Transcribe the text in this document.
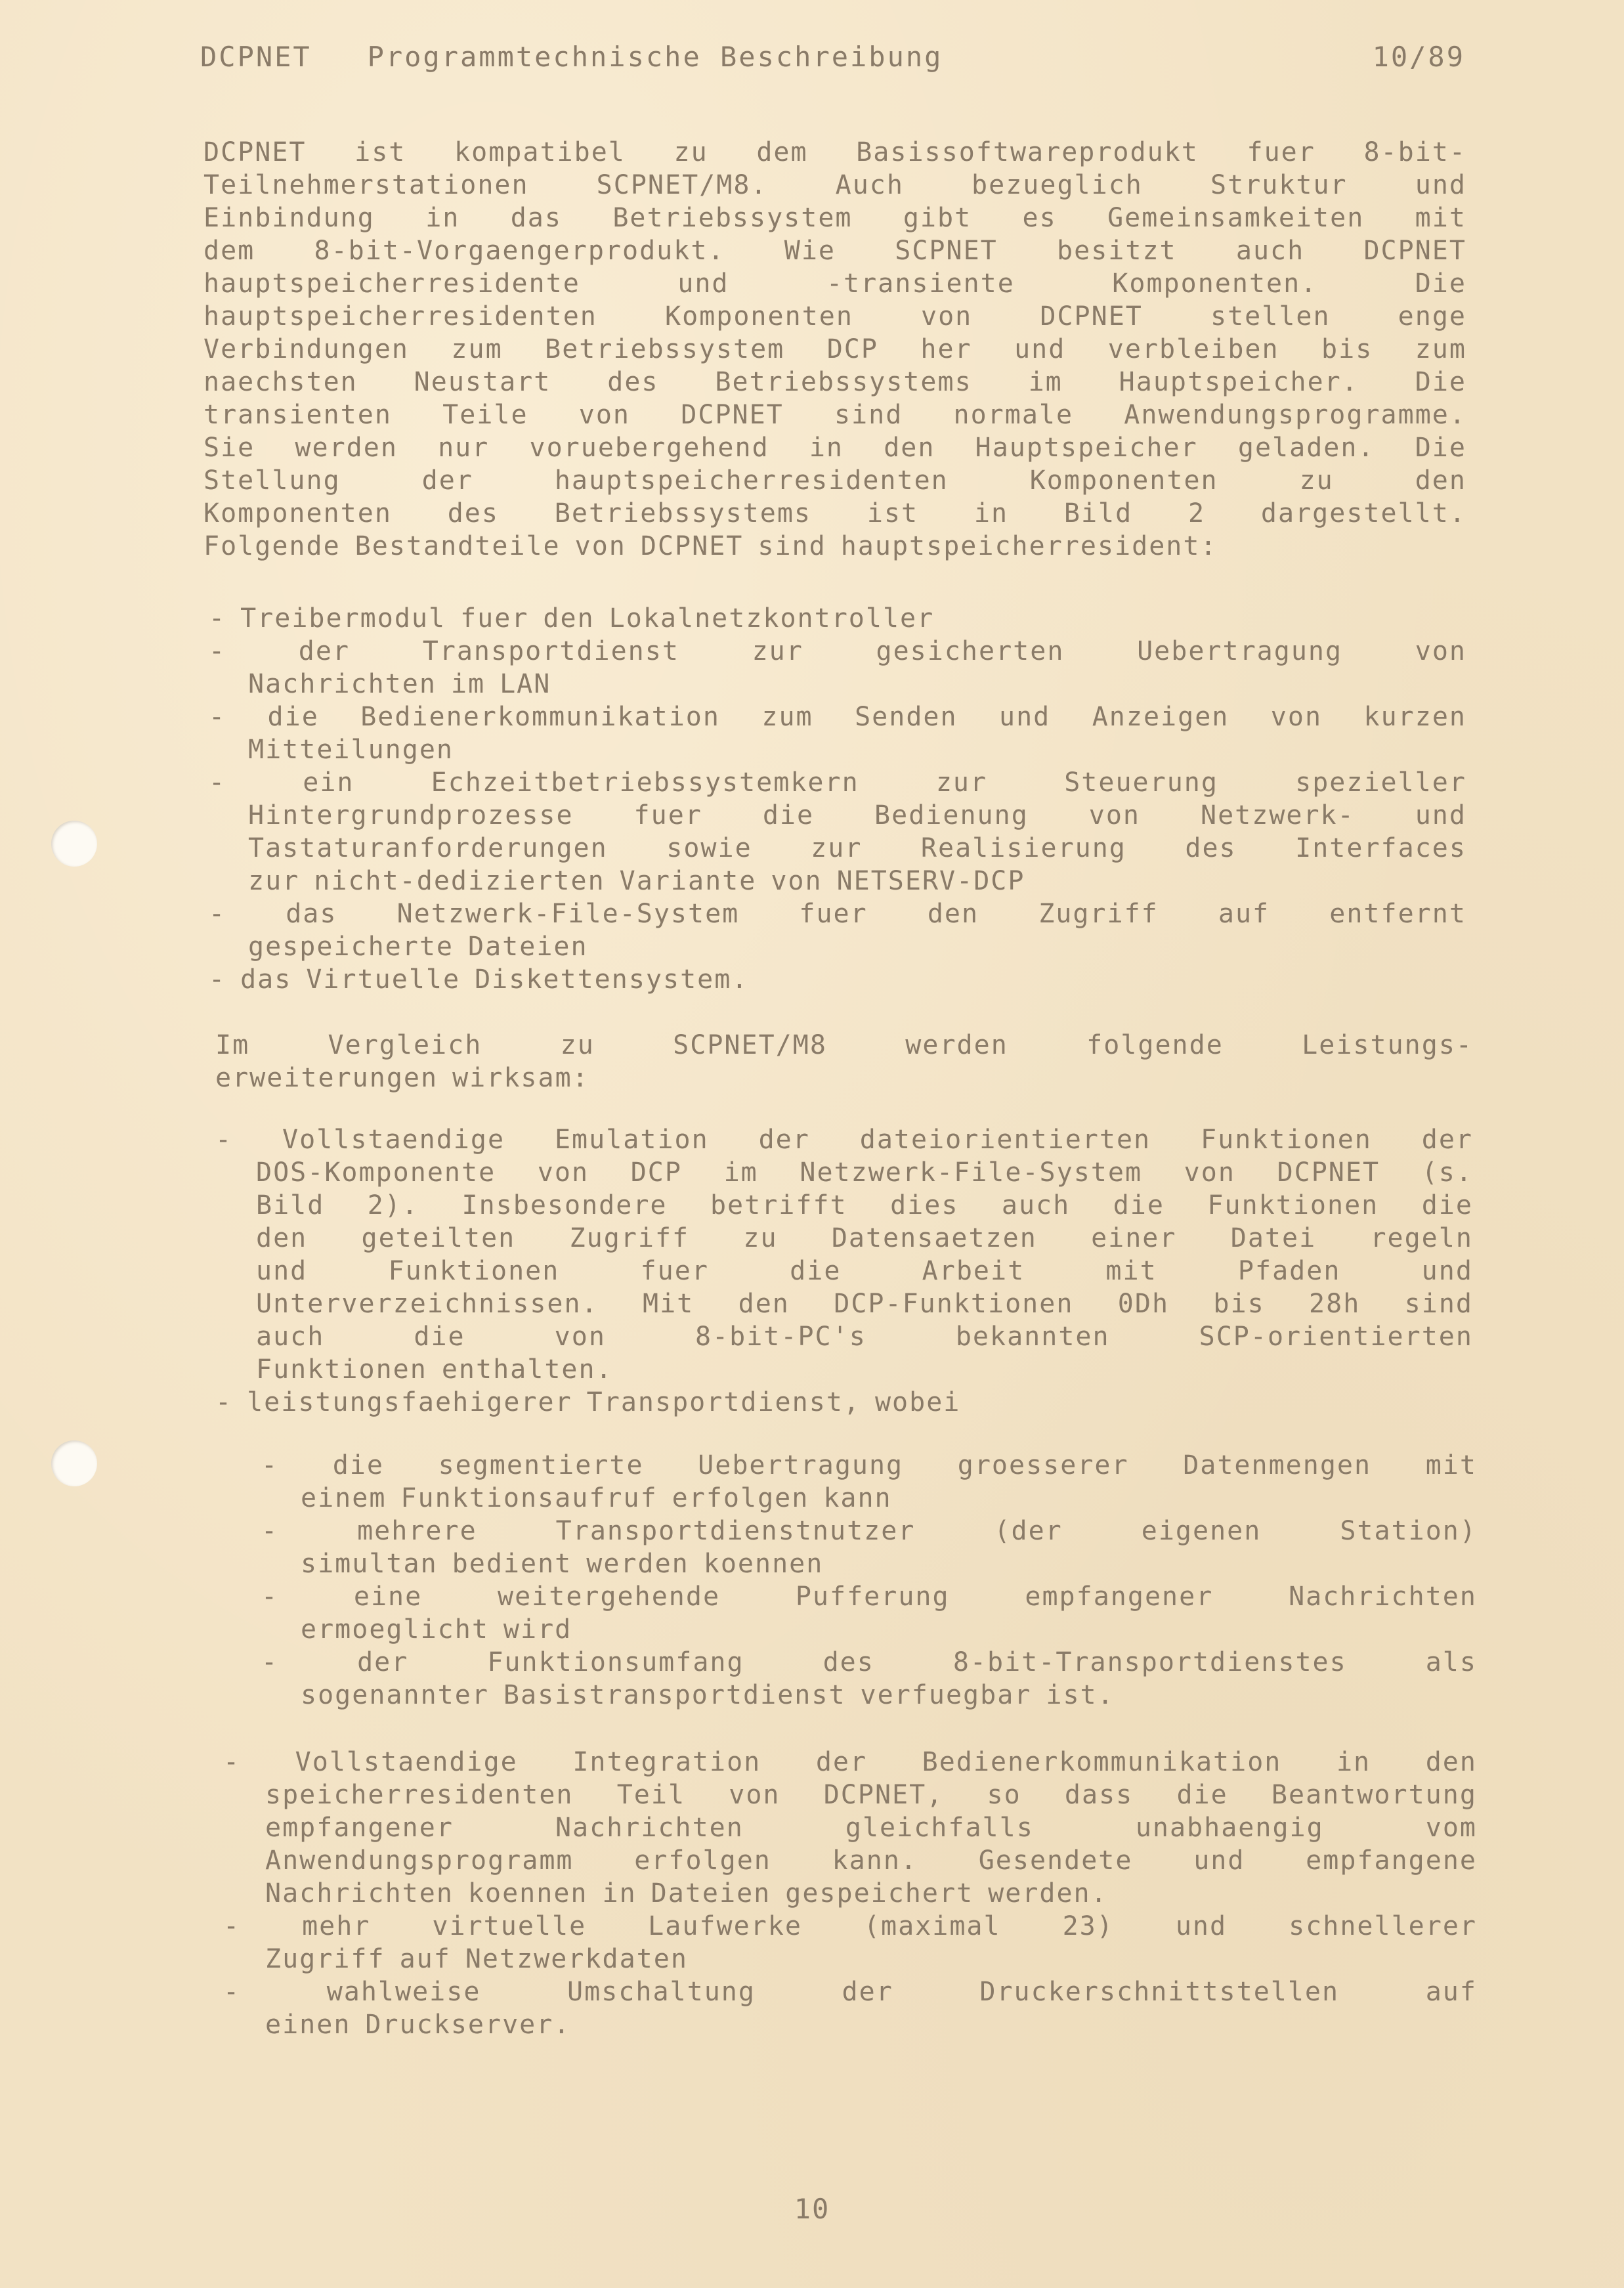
DCPNET   Programmtechnische Beschreibung	10/89
DCPNET ist kompatibel zu dem Basissoftwareprodukt fuer 8-bit-
Teilnehmerstationen	SCPNET/M8.	Auch	bezueglich	Struktur	und
Einbindung in das Betriebssystem gibt es Gemeinsamkeiten mit
dem 8-bit-Vorgaengerprodukt. Wie SCPNET besitzt auch DCPNET
hauptspeicherresidente	und	-transiente	Komponenten.	Die
hauptspeicherresidenten	Komponenten	von	DCPNET	stellen	enge
Verbindungen zum Betriebssystem DCP her und verbleiben bis zum
naechsten Neustart des Betriebssystems im Hauptspeicher. Die
transienten Teile von DCPNET sind normale Anwendungsprogramme.
Sie werden nur voruebergehend in den Hauptspeicher geladen. Die
Stellung	der	hauptspeicherresidenten	Komponenten	zu	den
Komponenten des Betriebssystems ist in Bild 2 dargestellt.
Folgende Bestandteile von DCPNET sind hauptspeicherresident:
- Treibermodul fuer den Lokalnetzkontroller
-	der	Transportdienst	zur	gesicherten	Uebertragung	von
Nachrichten im LAN
- die Bedienerkommunikation zum Senden und Anzeigen von kurzen
Mitteilungen
-	ein	Echzeitbetriebssystemkern	zur	Steuerung	spezieller
Hintergrundprozesse fuer die Bedienung von Netzwerk- und
Tastaturanforderungen sowie zur Realisierung des Interfaces
zur nicht-dedizierten Variante von NETSERV-DCP
- das Netzwerk-File-System fuer den Zugriff auf entfernt
gespeicherte Dateien
- das Virtuelle Diskettensystem.
Im	Vergleich	zu	SCPNET/M8	werden	folgende	Leistungs-
erweiterungen wirksam:
- Vollstaendige Emulation der dateiorientierten Funktionen der
DOS-Komponente von DCP im Netzwerk-File-System von DCPNET (s.
Bild 2). Insbesondere betrifft dies auch die Funktionen die
den geteilten Zugriff zu Datensaetzen einer Datei regeln
und	Funktionen	fuer	die	Arbeit	mit	Pfaden	und
Unterverzeichnissen. Mit den DCP-Funktionen 0Dh bis 28h sind
auch	die	von	8-bit-PC's	bekannten	SCP-orientierten
Funktionen enthalten.
- leistungsfaehigerer Transportdienst, wobei
- die segmentierte Uebertragung groesserer Datenmengen mit
einem Funktionsaufruf erfolgen kann
-	mehrere	Transportdienstnutzer	(der	eigenen	Station)
simultan bedient werden koennen
-	eine	weitergehende	Pufferung	empfangener	Nachrichten
ermoeglicht wird
-	der	Funktionsumfang	des	8-bit-Transportdienstes	als
sogenannter Basistransportdienst verfuegbar ist.
- Vollstaendige Integration der Bedienerkommunikation in den
speicherresidenten Teil von DCPNET, so dass die Beantwortung
empfangener	Nachrichten	gleichfalls	unabhaengig	vom
Anwendungsprogramm erfolgen kann. Gesendete und empfangene
Nachrichten koennen in Dateien gespeichert werden.
- mehr virtuelle Laufwerke (maximal 23) und schnellerer
Zugriff auf Netzwerkdaten
-	wahlweise	Umschaltung	der	Druckerschnittstellen	auf
einen Druckserver.
10
